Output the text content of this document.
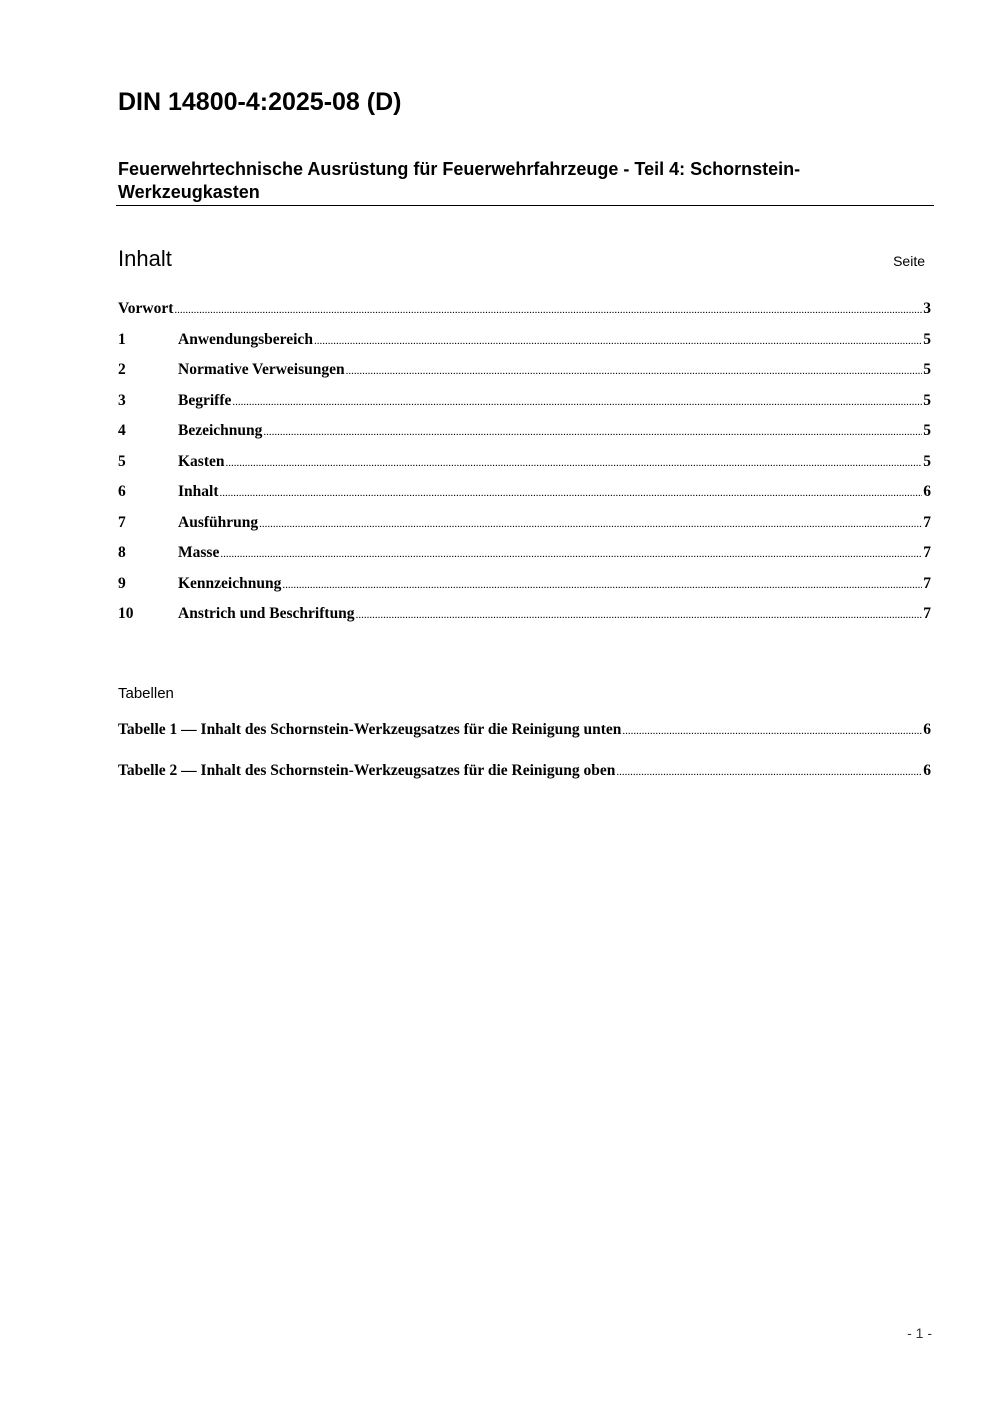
DIN 14800-4:2025-08 (D)
Feuerwehrtechnische Ausrüstung für Feuerwehrfahrzeuge - Teil 4: Schornstein-Werkzeugkasten
Inhalt	Seite
Vorwort .....	3
1	Anwendungsbereich .....	5
2	Normative Verweisungen .....	5
3	Begriffe .....	5
4	Bezeichnung .....	5
5	Kasten .....	5
6	Inhalt .....	6
7	Ausführung .....	7
8	Masse .....	7
9	Kennzeichnung .....	7
10	Anstrich und Beschriftung .....	7
Tabellen
Tabelle 1 — Inhalt des Schornstein-Werkzeugsatzes für die Reinigung unten .....	6
Tabelle 2 — Inhalt des Schornstein-Werkzeugsatzes für die Reinigung oben .....	6
- 1 -
